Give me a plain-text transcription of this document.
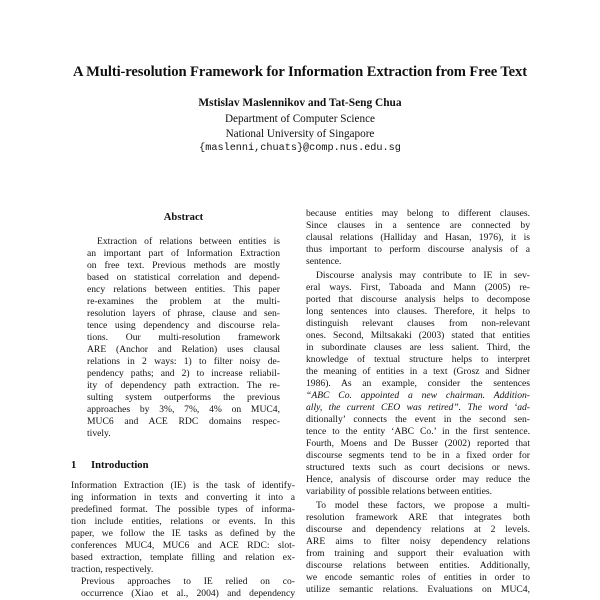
A Multi-resolution Framework for Information Extraction from Free Text
Mstislav Maslennikov and Tat-Seng Chua
Department of Computer Science
National University of Singapore
{maslenni,chuats}@comp.nus.edu.sg
Abstract

Extraction of relations between entities is
an important part of Information Extraction
on free text. Previous methods are mostly
based on statistical correlation and depend-
ency relations between entities. This paper
re-examines the problem at the multi-
resolution layers of phrase, clause and sen-
tence using dependency and discourse rela-
tions. Our multi-resolution framework
ARE (Anchor and Relation) uses clausal
relations in 2 ways: 1) to filter noisy de-
pendency paths; and 2) to increase reliabil-
ity of dependency path extraction. The re-
sulting system outperforms the previous
approaches by 3%, 7%, 4% on MUC4,
MUC6 and ACE RDC domains respec-
tively.

1 Introduction

Information Extraction (IE) is the task of identify-
ing information in texts and converting it into a
predefined format. The possible types of informa-
tion include entities, relations or events. In this
paper, we follow the IE tasks as defined by the
conferences MUC4, MUC6 and ACE RDC: slot-
based extraction, template filling and relation ex-
traction, respectively.

Previous approaches to IE relied on co-
occurrence (Xiao et al., 2004) and dependency

because entities may belong to different clauses.
Since clauses in a sentence are connected by
clausal relations (Halliday and Hasan, 1976), it is
thus important to perform discourse analysis of a
sentence.

Discourse analysis may contribute to IE in sev-
eral ways. First, Taboada and Mann (2005) re-
ported that discourse analysis helps to decompose
long sentences into clauses. Therefore, it helps to
distinguish relevant clauses from non-relevant
ones. Second, Miltsakaki (2003) stated that entities
in subordinate clauses are less salient. Third, the
knowledge of textual structure helps to interpret
the meaning of entities in a text (Grosz and Sidner
1986). As an example, consider the sentences
“ABC Co. appointed a new chairman. Addition-
ally, the current CEO was retired”. The word ‘ad-
ditionally’ connects the event in the second sen-
tence to the entity ‘ABC Co.’ in the first sentence.
Fourth, Moens and De Busser (2002) reported that
discourse segments tend to be in a fixed order for
structured texts such as court decisions or news.
Hence, analysis of discourse order may reduce the
variability of possible relations between entities.

To model these factors, we propose a multi-
resolution framework ARE that integrates both
discourse and dependency relations at 2 levels.
ARE aims to filter noisy dependency relations
from training and support their evaluation with
discourse relations between entities. Additionally,
we encode semantic roles of entities in order to
utilize semantic relations. Evaluations on MUC4,
